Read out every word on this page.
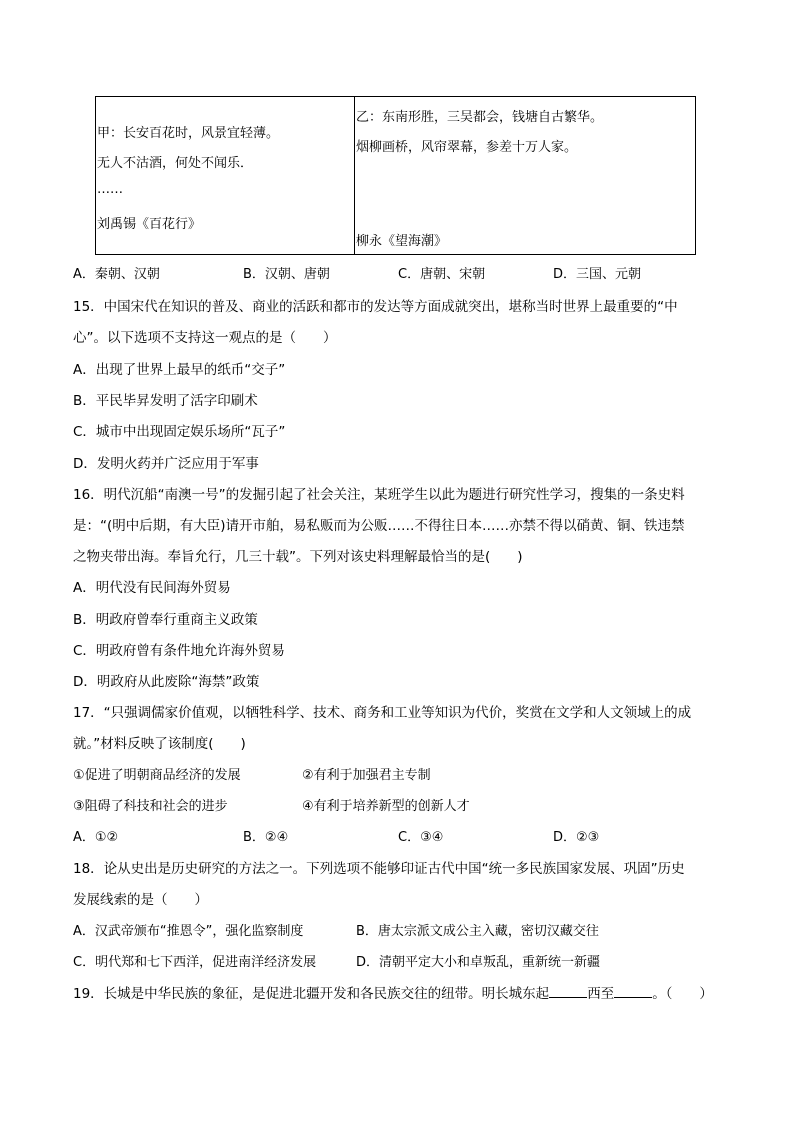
甲：长安百花时，风景宜轻薄。
无人不沽酒，何处不闻乐．
……
刘禹锡《百花行》
乙：东南形胜，三吴都会，钱塘自古繁华。
烟柳画桥，风帘翠幕，参差十万人家。
柳永《望海潮》
A．秦朝、汉朝	B．汉朝、唐朝	C．唐朝、宋朝	D．三国、元朝
15．中国宋代在知识的普及、商业的活跃和都市的发达等方面成就突出，堪称当时世界上最重要的“中
心”。以下选项不支持这一观点的是（　　）
A．出现了世界上最早的纸币“交子”
B．平民毕昇发明了活字印刷术
C．城市中出现固定娱乐场所“瓦子”
D．发明火药并广泛应用于军事
16．明代沉船“南澳一号”的发掘引起了社会关注，某班学生以此为题进行研究性学习，搜集的一条史料
是：“(明中后期，有大臣)请开市舶，易私贩而为公贩……不得往日本……亦禁不得以硝黄、铜、铁违禁
之物夹带出海。奉旨允行，几三十载”。下列对该史料理解最恰当的是(　　)
A．明代没有民间海外贸易
B．明政府曾奉行重商主义政策
C．明政府曾有条件地允许海外贸易
D．明政府从此废除“海禁”政策
17．“只强调儒家价值观，以牺牲科学、技术、商务和工业等知识为代价，奖赏在文学和人文领域上的成
就。”材料反映了该制度(　　)
①促进了明朝商品经济的发展	②有利于加强君主专制
③阻碍了科技和社会的进步	④有利于培养新型的创新人才
A．①②	B．②④	C．③④	D．②③
18．论从史出是历史研究的方法之一。下列选项不能够印证古代中国“统一多民族国家发展、巩固”历史
发展线索的是（　　）
A．汉武帝颁布“推恩令”，强化监察制度	B．唐太宗派文成公主入藏，密切汉藏交往
C．明代郑和七下西洋，促进南洋经济发展	D．清朝平定大小和卓叛乱，重新统一新疆
19．长城是中华民族的象征，是促进北疆开发和各民族交往的纽带。明长城东起	西至	。（　　）
